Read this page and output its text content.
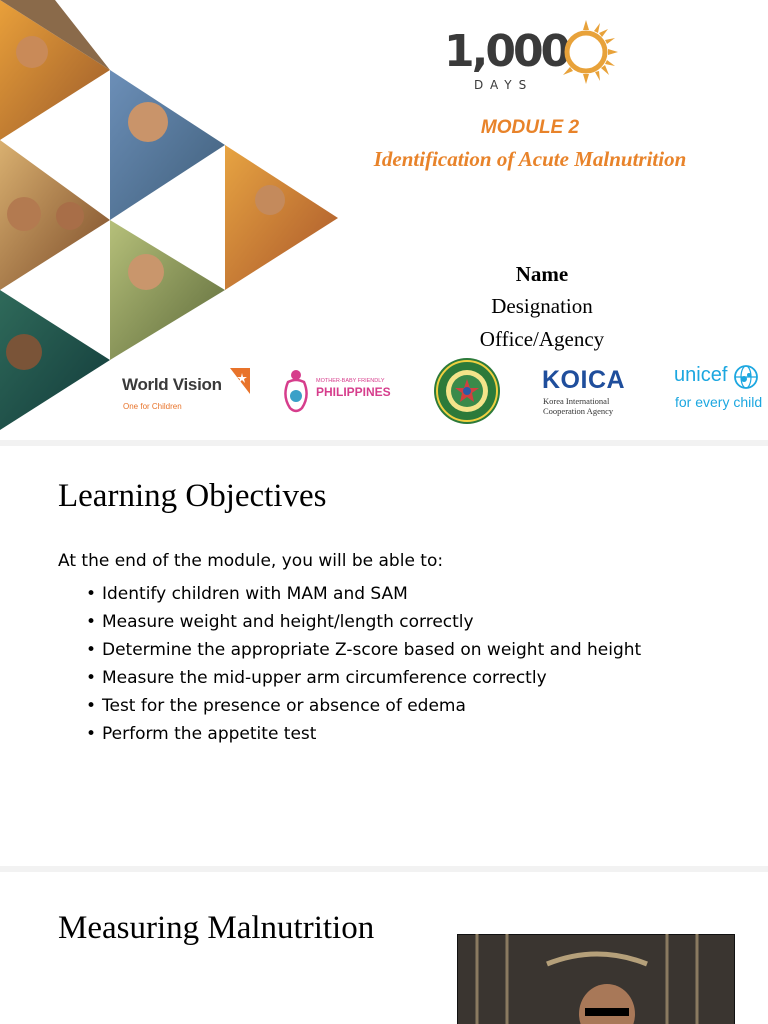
1,000
DAYS
MODULE 2
Identification of Acute Malnutrition
Name
Designation
Office/Agency
World Vision
One for Children
MOTHER-BABY FRIENDLY
PHILIPPINES	KOICA
Korea International
Cooperation Agency
unicef
for every child
Learning Objectives
At the end of the module, you will be able to:
• Identify children with MAM and SAM
• Measure weight and height/length correctly
• Determine the appropriate Z-score based on weight and height
• Measure the mid-upper arm circumference correctly
• Test for the presence or absence of edema
• Perform the appetite test
Measuring Malnutrition
